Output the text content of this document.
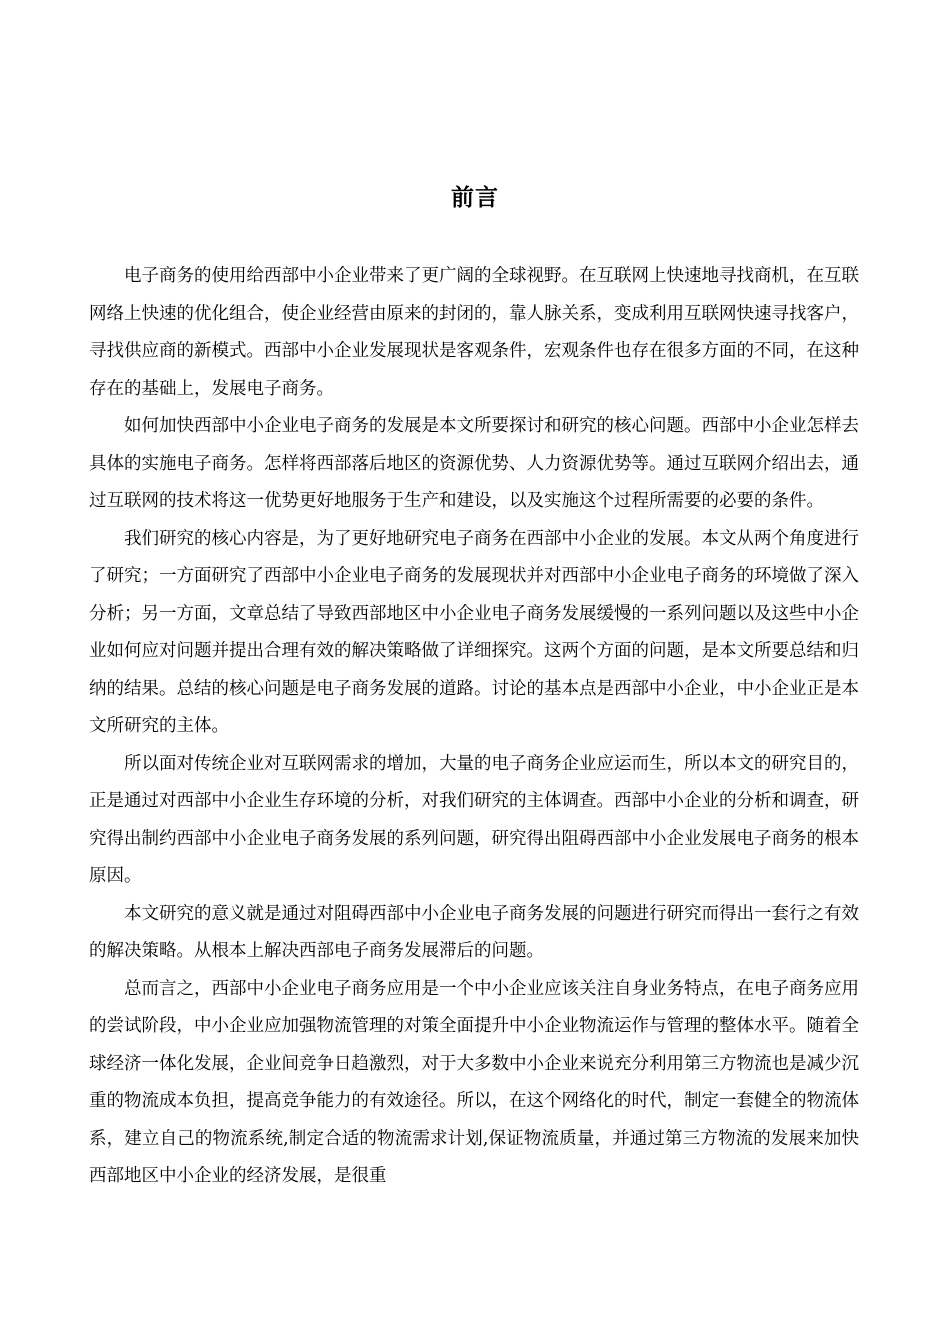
前言

电子商务的使用给西部中小企业带来了更广阔的全球视野。在互联网上快速地寻找商机，在互联网络上快速的优化组合，使企业经营由原来的封闭的，靠人脉关系，变成利用互联网快速寻找客户，寻找供应商的新模式。西部中小企业发展现状是客观条件，宏观条件也存在很多方面的不同，在这种存在的基础上，发展电子商务。

如何加快西部中小企业电子商务的发展是本文所要探讨和研究的核心问题。西部中小企业怎样去具体的实施电子商务。怎样将西部落后地区的资源优势、人力资源优势等。通过互联网介绍出去，通过互联网的技术将这一优势更好地服务于生产和建设，以及实施这个过程所需要的必要的条件。

我们研究的核心内容是，为了更好地研究电子商务在西部中小企业的发展。本文从两个角度进行了研究；一方面研究了西部中小企业电子商务的发展现状并对西部中小企业电子商务的环境做了深入分析；另一方面，文章总结了导致西部地区中小企业电子商务发展缓慢的一系列问题以及这些中小企业如何应对问题并提出合理有效的解决策略做了详细探究。这两个方面的问题，是本文所要总结和归纳的结果。总结的核心问题是电子商务发展的道路。讨论的基本点是西部中小企业，中小企业正是本文所研究的主体。

所以面对传统企业对互联网需求的增加，大量的电子商务企业应运而生，所以本文的研究目的，正是通过对西部中小企业生存环境的分析，对我们研究的主体调查。西部中小企业的分析和调查，研究得出制约西部中小企业电子商务发展的系列问题，研究得出阻碍西部中小企业发展电子商务的根本原因。

本文研究的意义就是通过对阻碍西部中小企业电子商务发展的问题进行研究而得出一套行之有效的解决策略。从根本上解决西部电子商务发展滞后的问题。

总而言之，西部中小企业电子商务应用是一个中小企业应该关注自身业务特点，在电子商务应用的尝试阶段，中小企业应加强物流管理的对策全面提升中小企业物流运作与管理的整体水平。随着全球经济一体化发展，企业间竞争日趋激烈，对于大多数中小企业来说充分利用第三方物流也是减少沉重的物流成本负担，提高竞争能力的有效途径。所以，在这个网络化的时代，制定一套健全的物流体系，建立自己的物流系统,制定合适的物流需求计划,保证物流质量，并通过第三方物流的发展来加快西部地区中小企业的经济发展，是很重
